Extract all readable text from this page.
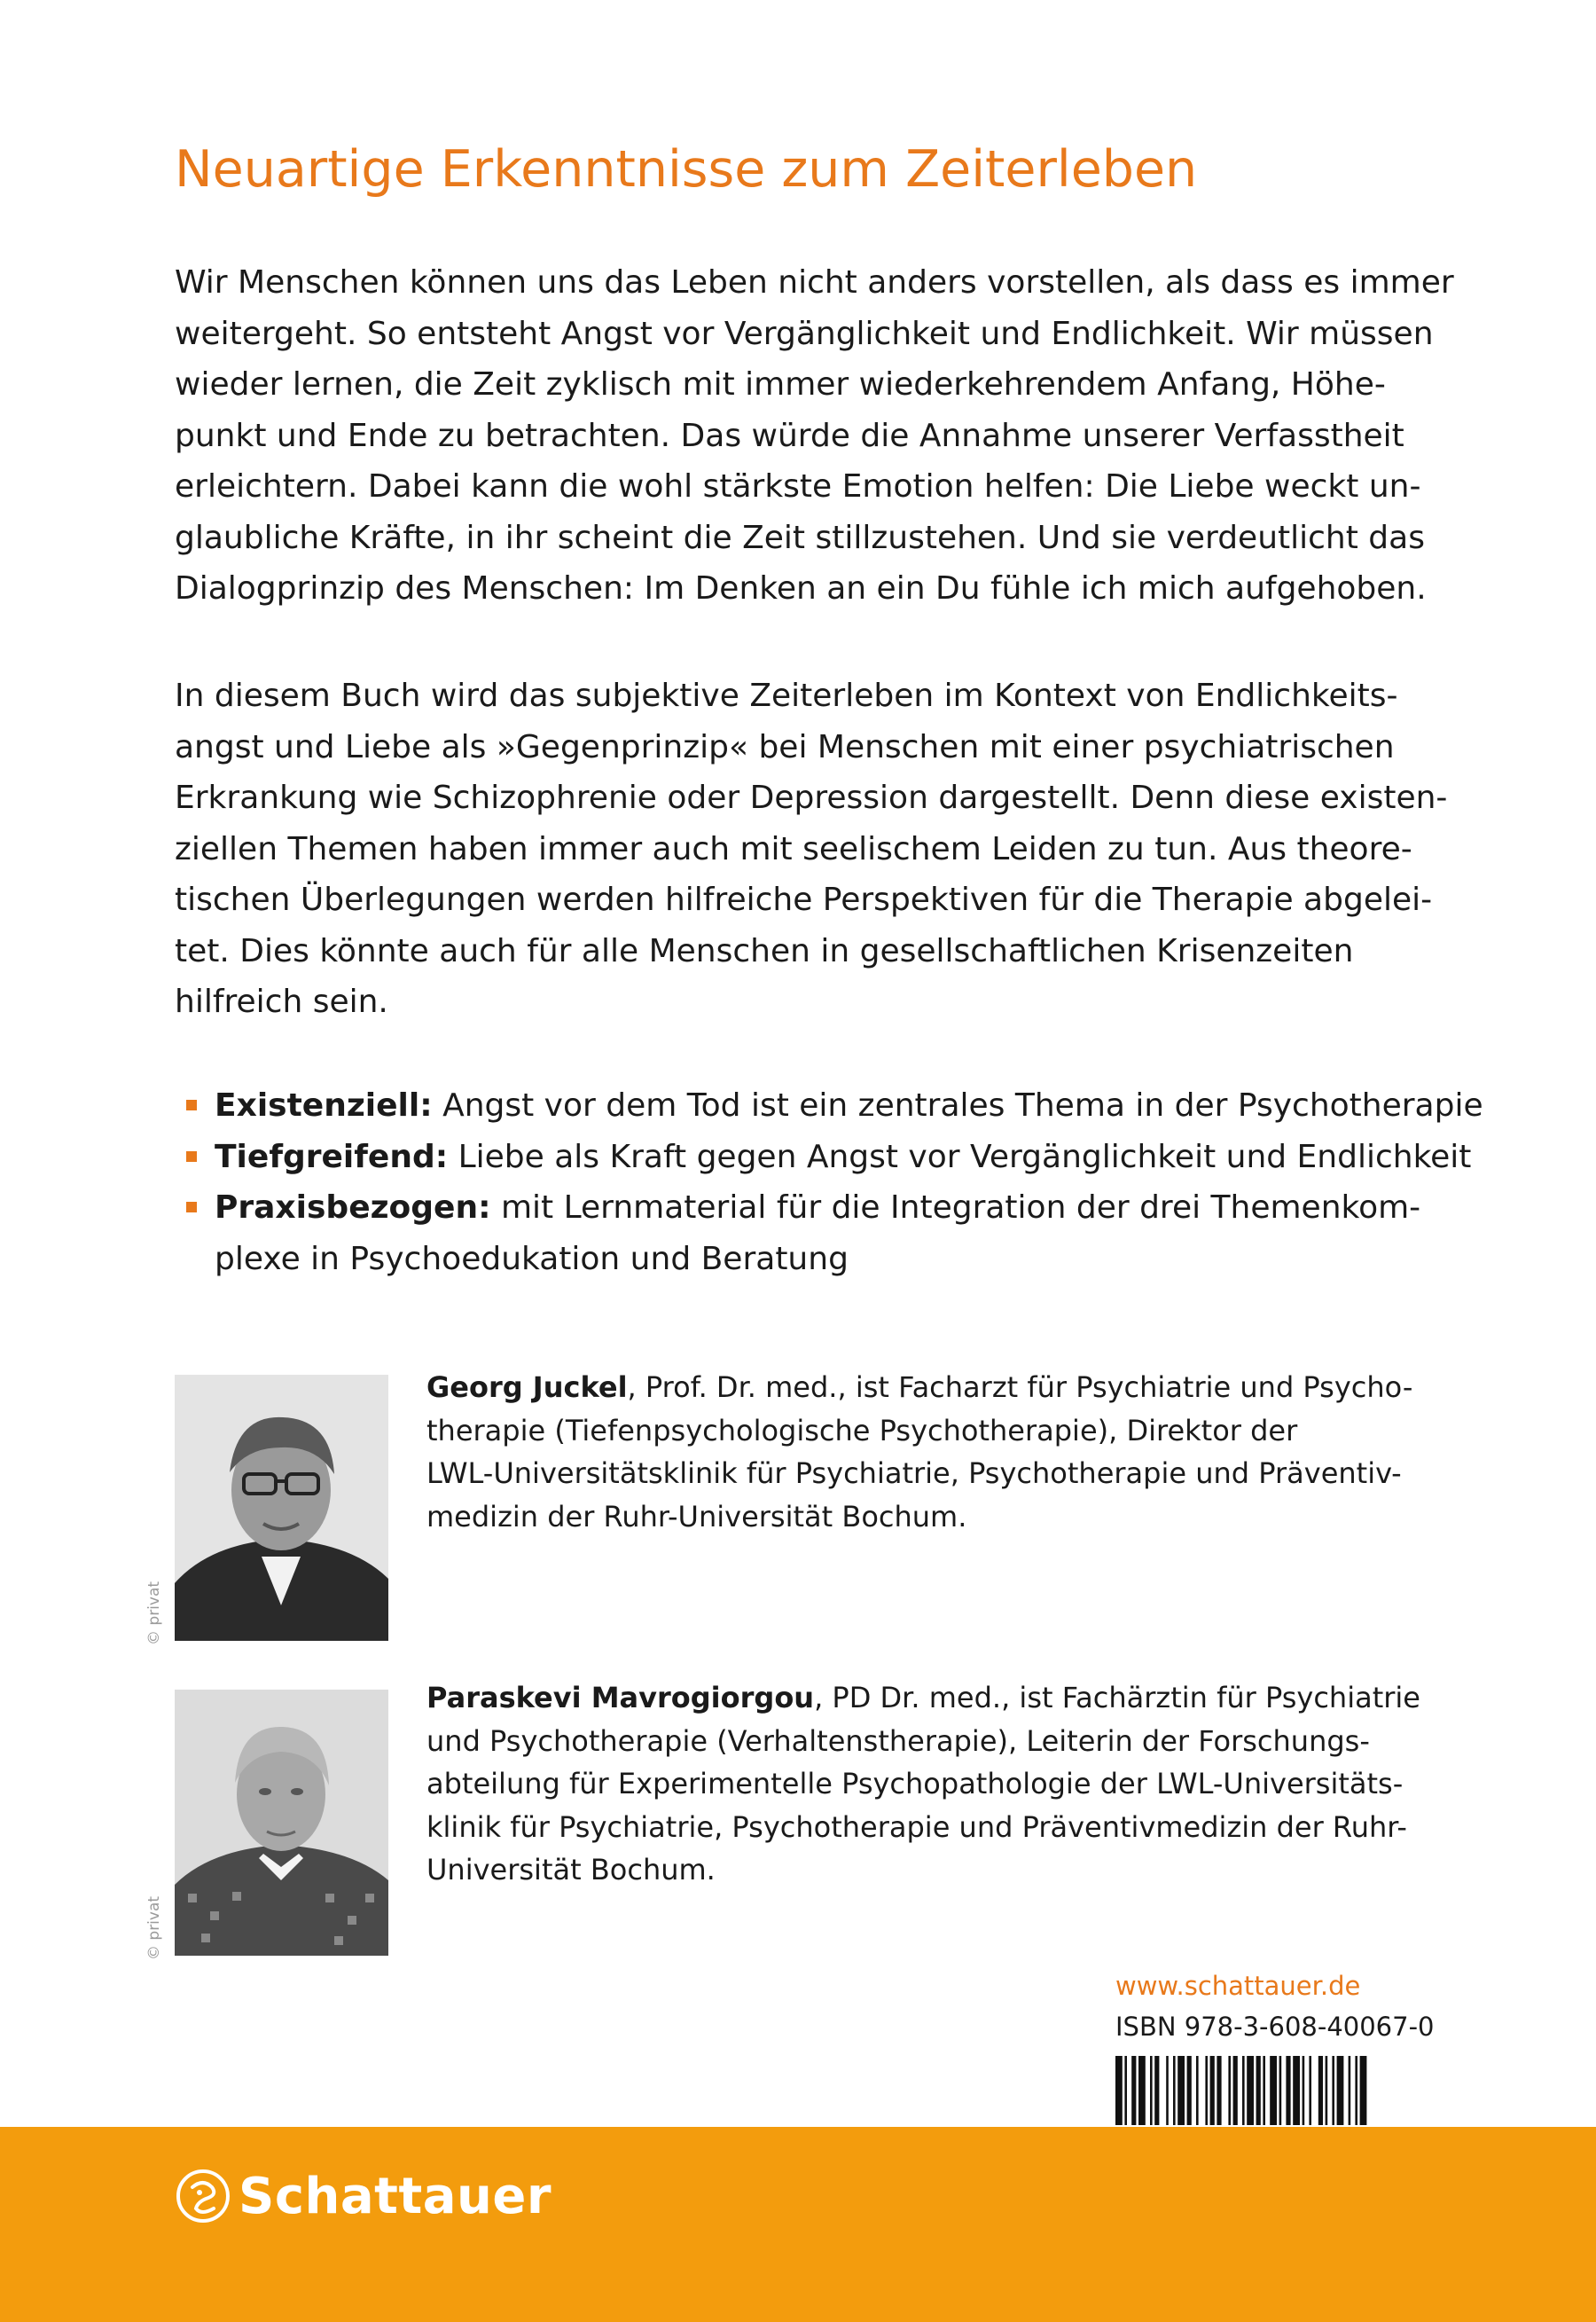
Neuartige Erkenntnisse zum Zeiterleben

Wir Menschen können uns das Leben nicht anders vorstellen, als dass es immer
weitergeht. So entsteht Angst vor Vergänglichkeit und Endlichkeit. Wir müssen
wieder lernen, die Zeit zyklisch mit immer wiederkehrendem Anfang, Höhe-
punkt und Ende zu betrachten. Das würde die Annahme unserer Verfasstheit
erleichtern. Dabei kann die wohl stärkste Emotion helfen: Die Liebe weckt un-
glaubliche Kräfte, in ihr scheint die Zeit stillzustehen. Und sie verdeutlicht das
Dialogprinzip des Menschen: Im Denken an ein Du fühle ich mich aufgehoben.

In diesem Buch wird das subjektive Zeiterleben im Kontext von Endlichkeits-
angst und Liebe als »Gegenprinzip« bei Menschen mit einer psychiatrischen
Erkrankung wie Schizophrenie oder Depression dargestellt. Denn diese existen-
ziellen Themen haben immer auch mit seelischem Leiden zu tun. Aus theore-
tischen Überlegungen werden hilfreiche Perspektiven für die Therapie abgelei-
tet. Dies könnte auch für alle Menschen in gesellschaftlichen Krisenzeiten
hilfreich sein.

Existenziell: Angst vor dem Tod ist ein zentrales Thema in der Psychotherapie
Tiefgreifend: Liebe als Kraft gegen Angst vor Vergänglichkeit und Endlichkeit
Praxisbezogen: mit Lernmaterial für die Integration der drei Themenkom-
plexe in Psychoedukation und Beratung
© privat

Georg Juckel, Prof. Dr. med., ist Facharzt für Psychiatrie und Psycho-
therapie (Tiefenpsychologische Psychotherapie), Direktor der
LWL-Universitätsklinik für Psychiatrie, Psychotherapie und Präventiv-
medizin der Ruhr-Universität Bochum.

© privat

Paraskevi Mavrogiorgou, PD Dr. med., ist Fachärztin für Psychiatrie
und Psychotherapie (Verhaltenstherapie), Leiterin der Forschungs-
abteilung für Experimentelle Psychopathologie der LWL-Universitäts-
klinik für Psychiatrie, Psychotherapie und Präventivmedizin der Ruhr-
Universität Bochum.

www.schattauer.de
ISBN 978-3-608-40067-0
Schattauer
